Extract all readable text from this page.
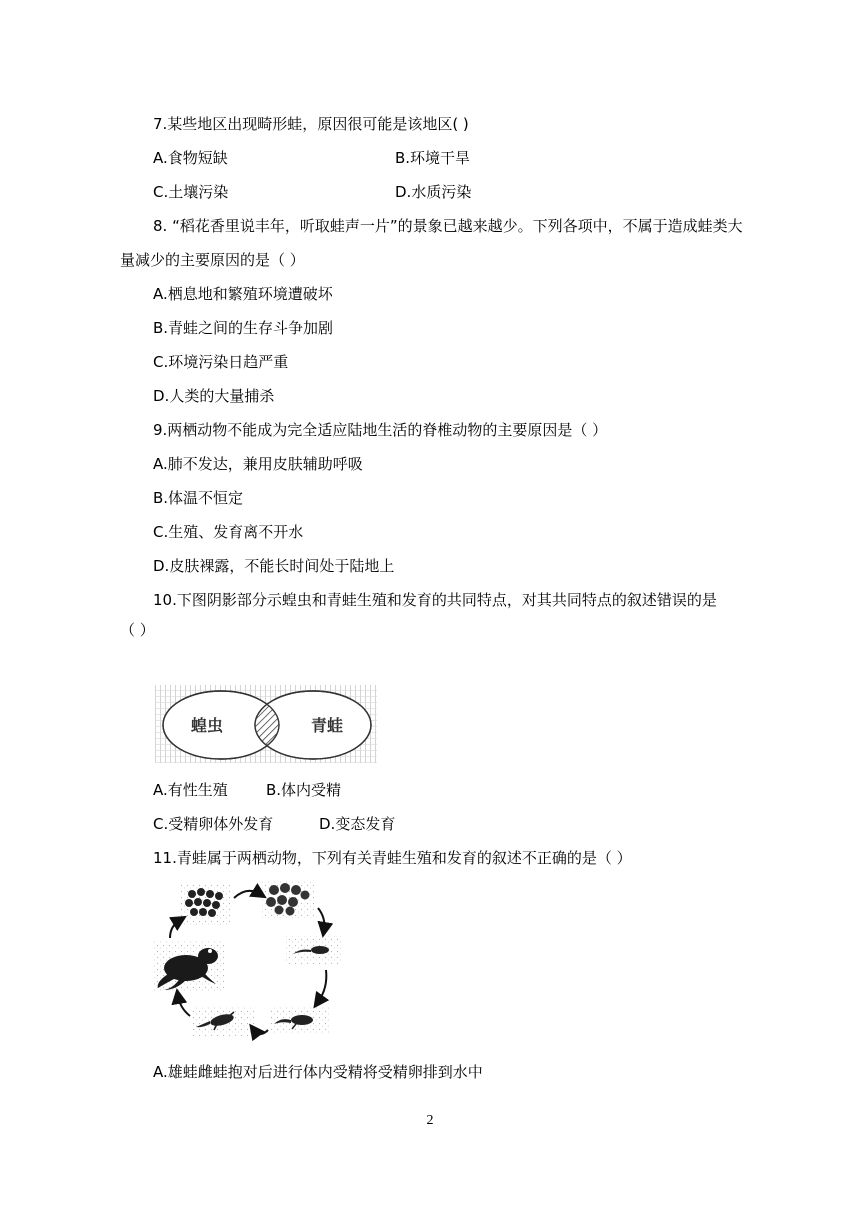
7.某些地区出现畸形蛙，原因很可能是该地区( )
A.食物短缺	B.环境干旱
C.土壤污染	D.水质污染
8. “稻花香里说丰年，听取蛙声一片”的景象已越来越少。下列各项中，不属于造成蛙类大
量减少的主要原因的是（ ）
A.栖息地和繁殖环境遭破坏
B.青蛙之间的生存斗争加剧
C.环境污染日趋严重
D.人类的大量捕杀
9.两栖动物不能成为完全适应陆地生活的脊椎动物的主要原因是（ ）
A.肺不发达，兼用皮肤辅助呼吸
B.体温不恒定
C.生殖、发育离不开水
D.皮肤裸露，不能长时间处于陆地上
10.下图阴影部分示蝗虫和青蛙生殖和发育的共同特点，对其共同特点的叙述错误的是
（ ）
蝗虫	青蛙
A.有性生殖	B.体内受精
C.受精卵体外发育	D.变态发育
11.青蛙属于两栖动物，下列有关青蛙生殖和发育的叙述不正确的是（ ）
A.雄蛙雌蛙抱对后进行体内受精将受精卵排到水中
2
